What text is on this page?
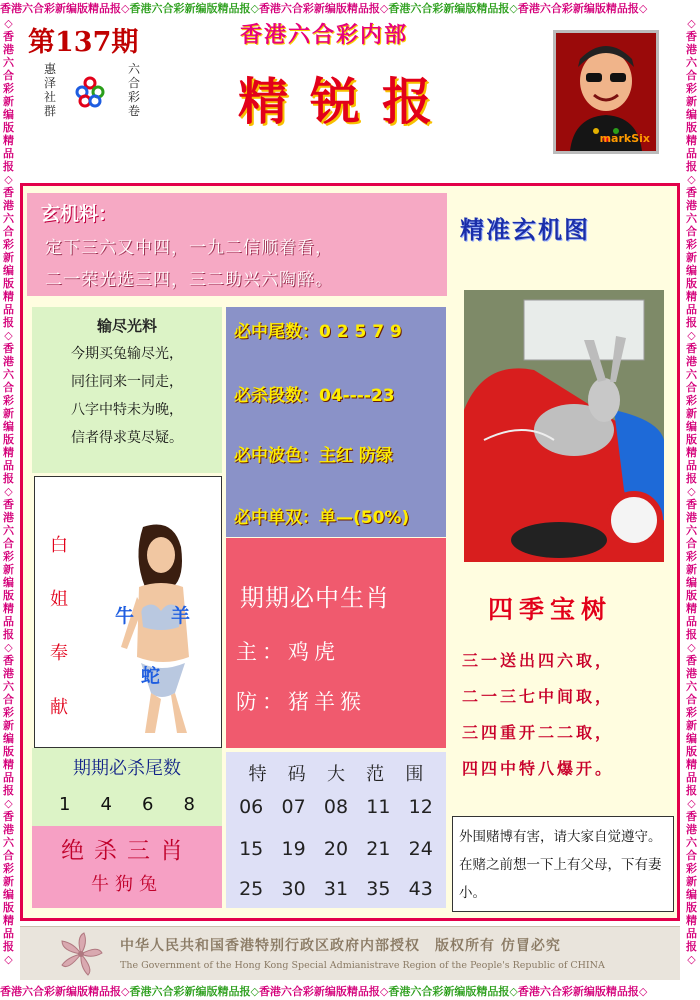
香港六合彩新编版精品报◇香港六合彩新编版精品报◇香港六合彩新编版精品报◇香港六合彩新编版精品报◇香港六合彩新编版精品报◇
◇香港六合彩新编版精品报◇香港六合彩新编版精品报◇香港六合彩新编版精品报◇香港六合彩新编版精品报◇香港六合彩新编版精品报◇香港六合彩新编版精品报◇
◇香港六合彩新编版精品报◇香港六合彩新编版精品报◇香港六合彩新编版精品报◇香港六合彩新编版精品报◇香港六合彩新编版精品报◇香港六合彩新编版精品报◇
香港六合彩新编版精品报◇香港六合彩新编版精品报◇香港六合彩新编版精品报◇香港六合彩新编版精品报◇香港六合彩新编版精品报◇
第137期
惠泽社群
六合彩卷
香港六合彩内部
精锐报
markSix
玄机料：
定下三六又中四，一九二信顺着看，
二一荣光选三四，三二助兴六陶醉。
输尽光料
今期买兔输尽光，
同往同来一同走，
八字中特未为晚，
信者得求莫尽疑。
必中尾数：0 2 5 7 9
必杀段数：04----23
必中波色：主红 防绿
必中单双：单—(50%)
白
姐
奉
献
牛 羊
蛇
期期必中生肖
主：鸡虎
防：猪羊猴
期期必杀尾数
1 4 6 8
绝杀三肖
牛狗兔
特 码 大 范 围
06 07 08 11 12
15 19 20 21 24
25 30 31 35 43
精准玄机图
四季宝树
三一送出四六取，
二一三七中间取，
三四重开二二取，
四四中特八爆开。
外围赌博有害，请大家自觉遵守。在赌之前想一下上有父母，下有妻小。
中华人民共和国香港特别行政区政府内部授权　版权所有 仿冒必究
The Government of the Hong Kong Special Admianistrave Region of the People's Republic of CHINA
